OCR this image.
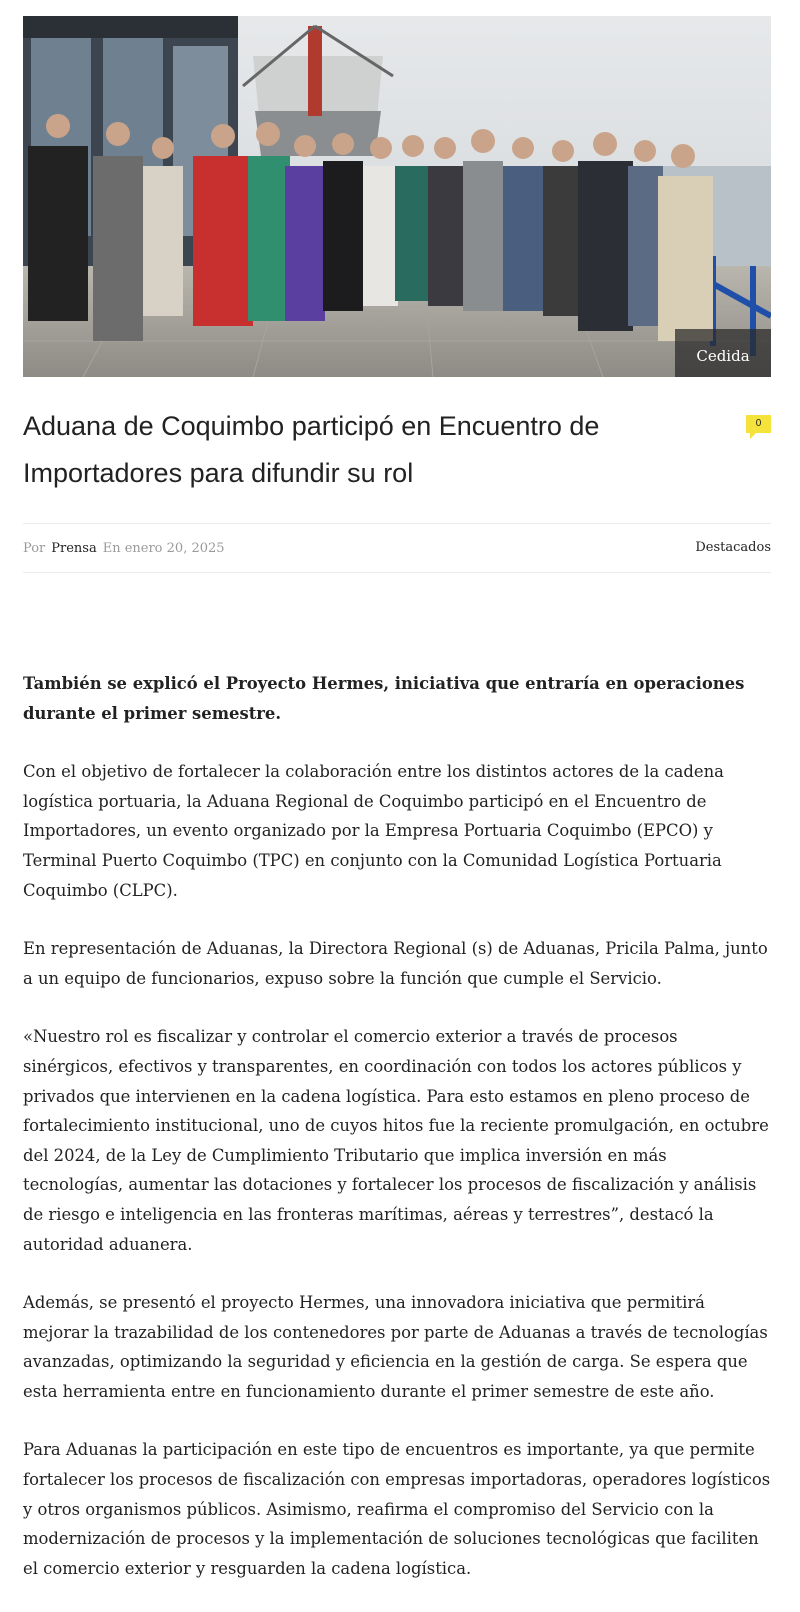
Cedida
Aduana de Coquimbo participó en Encuentro de Importadores para difundir su rol
0
Por Prensa En enero 20, 2025	Destacados

También se explicó el Proyecto Hermes, iniciativa que entraría en operaciones durante el primer semestre.

Con el objetivo de fortalecer la colaboración entre los distintos actores de la cadena logística portuaria, la Aduana Regional de Coquimbo participó en el Encuentro de Importadores, un evento organizado por la Empresa Portuaria Coquimbo (EPCO) y Terminal Puerto Coquimbo (TPC) en conjunto con la Comunidad Logística Portuaria Coquimbo (CLPC).

En representación de Aduanas, la Directora Regional (s) de Aduanas, Pricila Palma, junto a un equipo de funcionarios, expuso sobre la función que cumple el Servicio.

«Nuestro rol es fiscalizar y controlar el comercio exterior a través de procesos sinérgicos, efectivos y transparentes, en coordinación con todos los actores públicos y privados que intervienen en la cadena logística. Para esto estamos en pleno proceso de fortalecimiento institucional, uno de cuyos hitos fue la reciente promulgación, en octubre del 2024, de la Ley de Cumplimiento Tributario que implica inversión en más tecnologías, aumentar las dotaciones y fortalecer los procesos de fiscalización y análisis de riesgo e inteligencia en las fronteras marítimas, aéreas y terrestres”, destacó la autoridad aduanera.

Además, se presentó el proyecto Hermes, una innovadora iniciativa que permitirá mejorar la trazabilidad de los contenedores por parte de Aduanas a través de tecnologías avanzadas, optimizando la seguridad y eficiencia en la gestión de carga. Se espera que esta herramienta entre en funcionamiento durante el primer semestre de este año.

Para Aduanas la participación en este tipo de encuentros es importante, ya que permite fortalecer los procesos de fiscalización con empresas importadoras, operadores logísticos y otros organismos públicos. Asimismo, reafirma el compromiso del Servicio con la modernización de procesos y la implementación de soluciones tecnológicas que faciliten el comercio exterior y resguarden la cadena logística.
